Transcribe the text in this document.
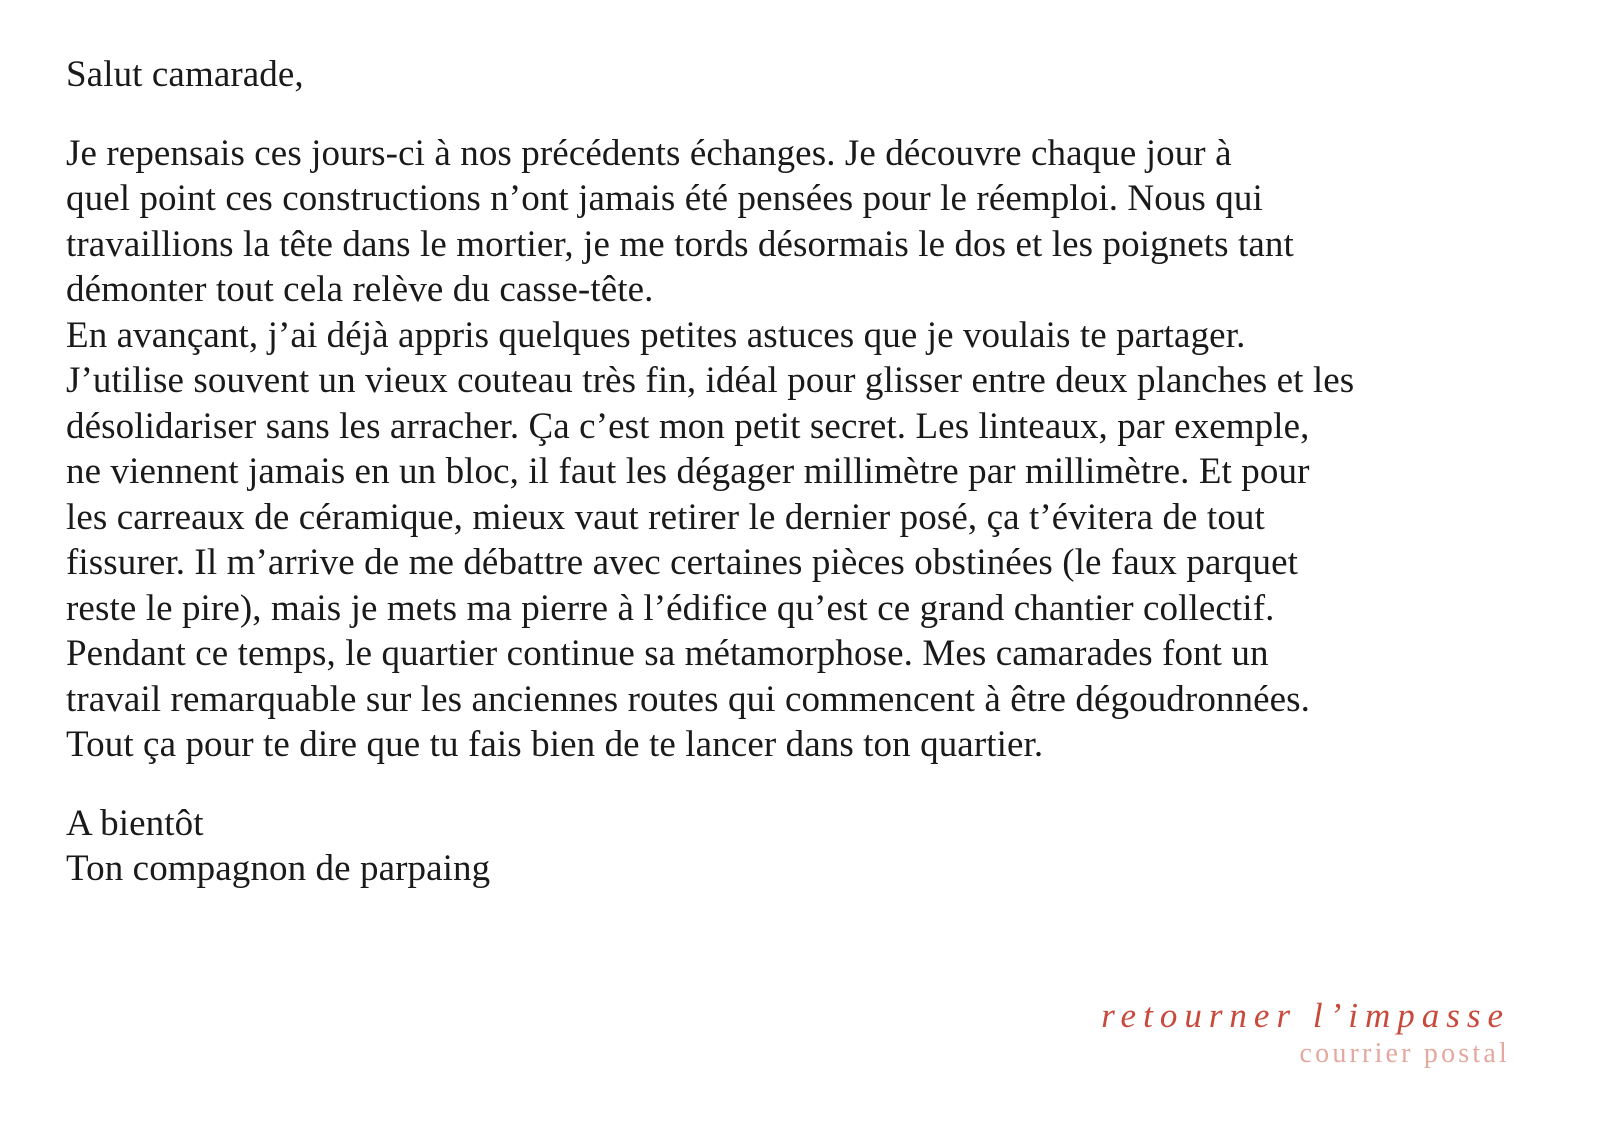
Salut camarade,

Je repensais ces jours-ci à nos précédents échanges. Je découvre chaque jour à

quel point ces constructions n’ont jamais été pensées pour le réemploi. Nous qui

travaillions la tête dans le mortier, je me tords désormais le dos et les poignets tant

démonter tout cela relève du casse-tête.

En avançant, j’ai déjà appris quelques petites astuces que je voulais te partager.

J’utilise souvent un vieux couteau très fin, idéal pour glisser entre deux planches et les

désolidariser sans les arracher. Ça c’est mon petit secret. Les linteaux, par exemple,

ne viennent jamais en un bloc, il faut les dégager millimètre par millimètre. Et pour

les carreaux de céramique, mieux vaut retirer le dernier posé, ça t’évitera de tout

fissurer. Il m’arrive de me débattre avec certaines pièces obstinées (le faux parquet

reste le pire), mais je mets ma pierre à l’édifice qu’est ce grand chantier collectif.

Pendant ce temps, le quartier continue sa métamorphose. Mes camarades font un

travail remarquable sur les anciennes routes qui commencent à être dégoudronnées.

Tout ça pour te dire que tu fais bien de te lancer dans ton quartier.

A bientôt

Ton compagnon de parpaing

retourner l’impasse
courrier postal
